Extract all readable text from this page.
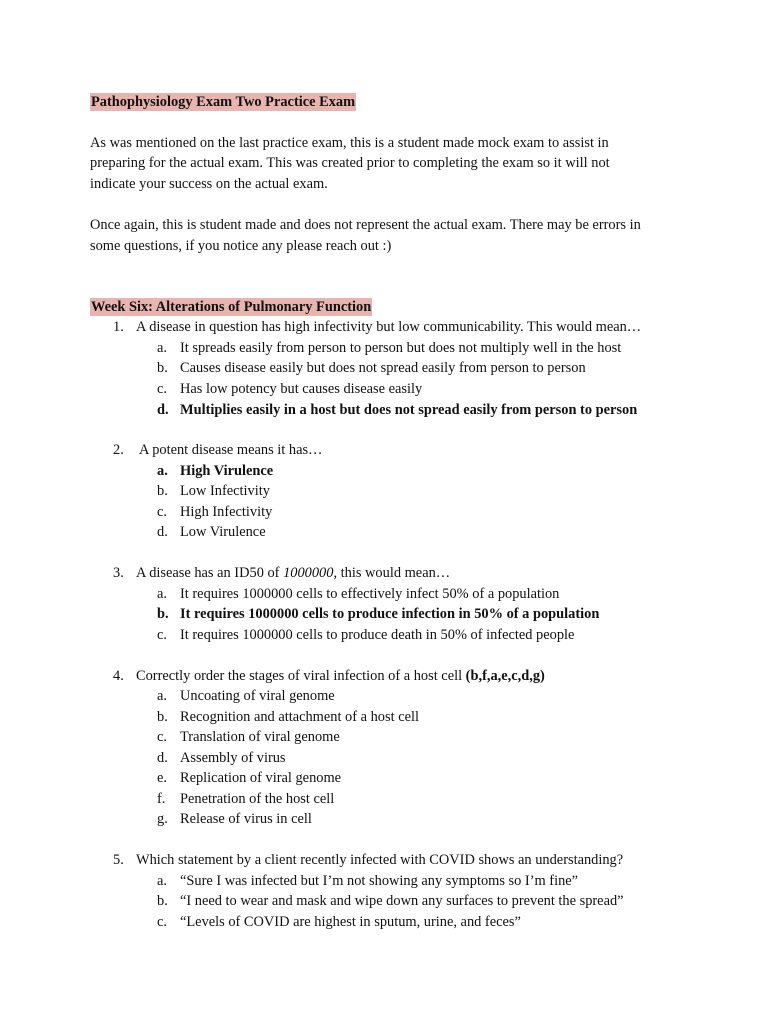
Pathophysiology Exam Two Practice Exam
As was mentioned on the last practice exam, this is a student made mock exam to assist in
preparing for the actual exam. This was created prior to completing the exam so it will not
indicate your success on the actual exam.
Once again, this is student made and does not represent the actual exam. There may be errors in
some questions, if you notice any please reach out :)
Week Six: Alterations of Pulmonary Function
1. A disease in question has high infectivity but low communicability. This would mean…
a. It spreads easily from person to person but does not multiply well in the host
b. Causes disease easily but does not spread easily from person to person
c. Has low potency but causes disease easily
d. Multiplies easily in a host but does not spread easily from person to person
2. A potent disease means it has…
a. High Virulence
b. Low Infectivity
c. High Infectivity
d. Low Virulence
3. A disease has an ID50 of 1000000, this would mean…
a. It requires 1000000 cells to effectively infect 50% of a population
b. It requires 1000000 cells to produce infection in 50% of a population
c. It requires 1000000 cells to produce death in 50% of infected people
4. Correctly order the stages of viral infection of a host cell (b,f,a,e,c,d,g)
a. Uncoating of viral genome
b. Recognition and attachment of a host cell
c. Translation of viral genome
d. Assembly of virus
e. Replication of viral genome
f. Penetration of the host cell
g. Release of virus in cell
5. Which statement by a client recently infected with COVID shows an understanding?
a. “Sure I was infected but I’m not showing any symptoms so I’m fine”
b. “I need to wear and mask and wipe down any surfaces to prevent the spread”
c. “Levels of COVID are highest in sputum, urine, and feces”
